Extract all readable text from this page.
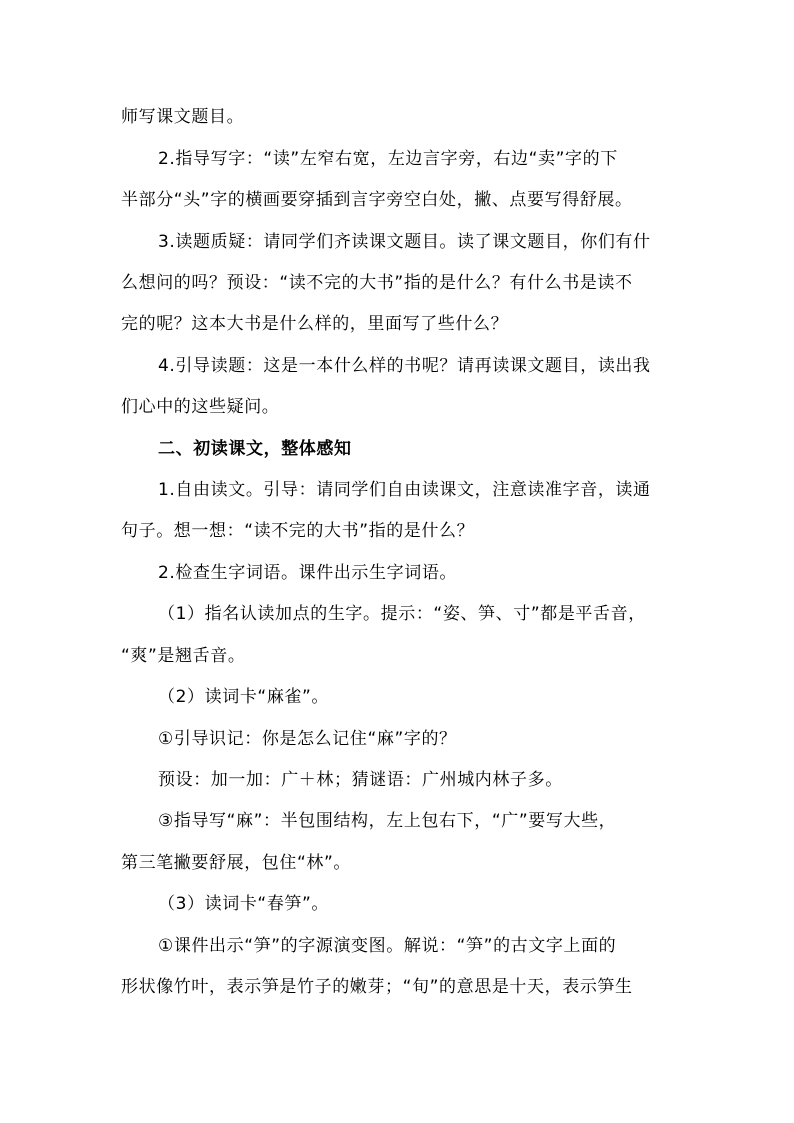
师写课文题目。
2.指导写字：“读”左窄右宽，左边言字旁，右边“卖”字的下
半部分“头”字的横画要穿插到言字旁空白处，撇、点要写得舒展。
3.读题质疑：请同学们齐读课文题目。读了课文题目，你们有什
么想问的吗？预设：“读不完的大书”指的是什么？有什么书是读不
完的呢？这本大书是什么样的，里面写了些什么？
4.引导读题：这是一本什么样的书呢？请再读课文题目，读出我
们心中的这些疑问。
二、初读课文，整体感知
1.自由读文。引导：请同学们自由读课文，注意读准字音，读通
句子。想一想：“读不完的大书”指的是什么？
2.检查生字词语。课件出示生字词语。
（1）指名认读加点的生字。提示：“姿、笋、寸”都是平舌音，
“爽”是翘舌音。
（2）读词卡“麻雀”。
①引导识记：你是怎么记住“麻”字的？
预设：加一加：广＋林；猜谜语：广州城内林子多。
③指导写“麻”：半包围结构，左上包右下，“广”要写大些，
第三笔撇要舒展，包住“林”。
（3）读词卡“春笋”。
①课件出示“笋”的字源演变图。解说：“笋”的古文字上面的
形状像竹叶，表示笋是竹子的嫩芽；“旬”的意思是十天，表示笋生
